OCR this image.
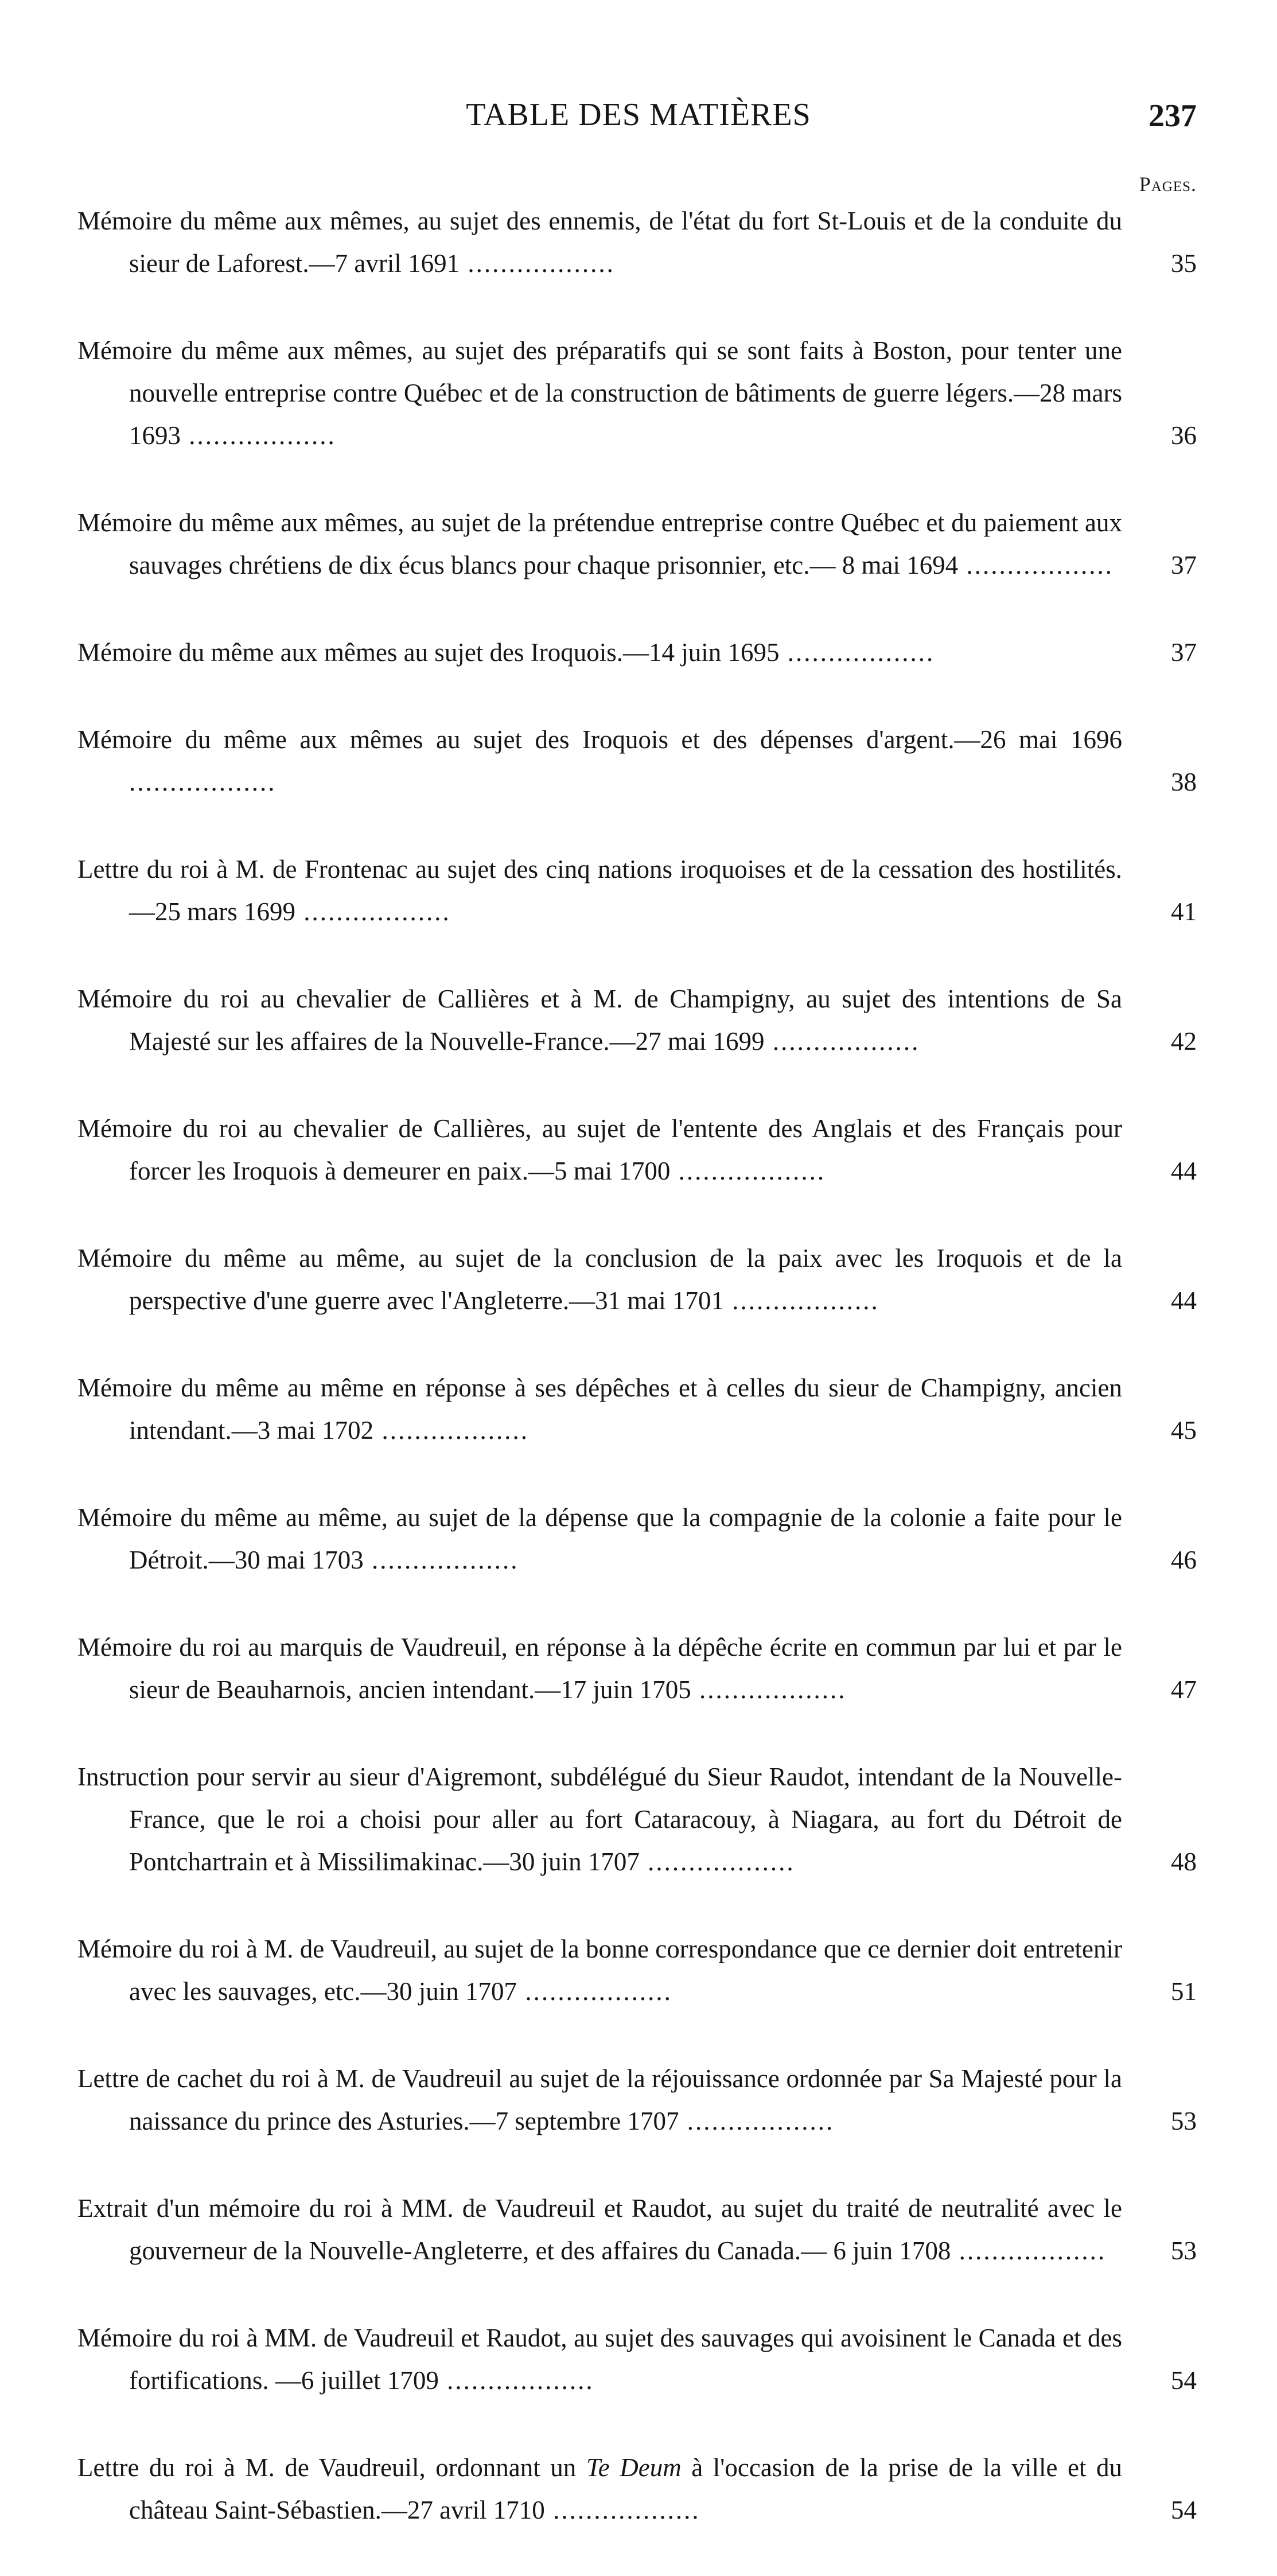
TABLE DES MATIÈRES	237
Pages.
Mémoire du même aux mêmes, au sujet des ennemis, de l'état du fort St-Louis et de la conduite du sieur de Laforest.—7 avril 1691 ..................	35
Mémoire du même aux mêmes, au sujet des préparatifs qui se sont faits à Boston, pour tenter une nouvelle entreprise contre Québec et de la construction de bâtiments de guerre légers.—28 mars 1693 ..................	36
Mémoire du même aux mêmes, au sujet de la prétendue entreprise contre Québec et du paiement aux sauvages chrétiens de dix écus blancs pour chaque prisonnier, etc.— 8 mai 1694 ..................	37
Mémoire du même aux mêmes au sujet des Iroquois.—14 juin 1695 ..................	37
Mémoire du même aux mêmes au sujet des Iroquois et des dépenses d'argent.—26 mai 1696 ..................	38
Lettre du roi à M. de Frontenac au sujet des cinq nations iroquoises et de la cessation des hostilités.—25 mars 1699 ..................	41
Mémoire du roi au chevalier de Callières et à M. de Champigny, au sujet des intentions de Sa Majesté sur les affaires de la Nouvelle-France.—27 mai 1699 ..................	42
Mémoire du roi au chevalier de Callières, au sujet de l'entente des Anglais et des Français pour forcer les Iroquois à demeurer en paix.—5 mai 1700 ..................	44
Mémoire du même au même, au sujet de la conclusion de la paix avec les Iroquois et de la perspective d'une guerre avec l'Angleterre.—31 mai 1701 ..................	44
Mémoire du même au même en réponse à ses dépêches et à celles du sieur de Champigny, ancien intendant.—3 mai 1702 ..................	45
Mémoire du même au même, au sujet de la dépense que la compagnie de la colonie a faite pour le Détroit.—30 mai 1703 ..................	46
Mémoire du roi au marquis de Vaudreuil, en réponse à la dépêche écrite en commun par lui et par le sieur de Beauharnois, ancien intendant.—17 juin 1705 ..................	47
Instruction pour servir au sieur d'Aigremont, subdélégué du Sieur Raudot, intendant de la Nouvelle-France, que le roi a choisi pour aller au fort Cataracouy, à Niagara, au fort du Détroit de Pontchartrain et à Missilimakinac.—30 juin 1707 ..................	48
Mémoire du roi à M. de Vaudreuil, au sujet de la bonne correspondance que ce dernier doit entretenir avec les sauvages, etc.—30 juin 1707 ..................	51
Lettre de cachet du roi à M. de Vaudreuil au sujet de la réjouissance ordonnée par Sa Majesté pour la naissance du prince des Asturies.—7 septembre 1707 ..................	53
Extrait d'un mémoire du roi à MM. de Vaudreuil et Raudot, au sujet du traité de neutralité avec le gouverneur de la Nouvelle-Angleterre, et des affaires du Canada.— 6 juin 1708 ..................	53
Mémoire du roi à MM. de Vaudreuil et Raudot, au sujet des sauvages qui avoisinent le Canada et des fortifications. —6 juillet 1709 ..................	54
Lettre du roi à M. de Vaudreuil, ordonnant un Te Deum à l'occasion de la prise de la ville et du château Saint-Sébastien.—27 avril 1710 ..................	54
